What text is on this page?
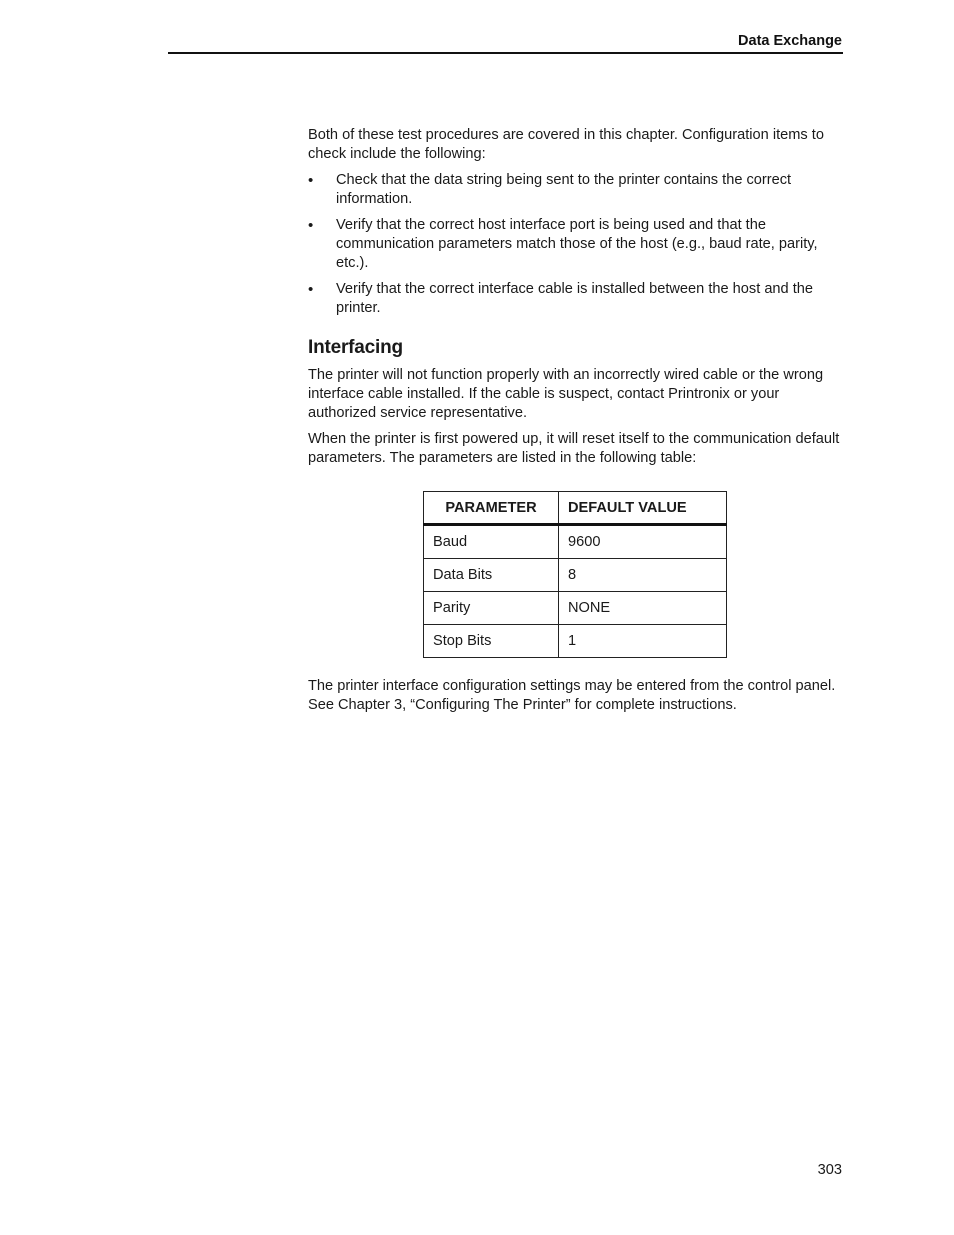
Data Exchange

Both of these test procedures are covered in this chapter. Configuration items to check include the following:

• Check that the data string being sent to the printer contains the correct information.
• Verify that the correct host interface port is being used and that the communication parameters match those of the host (e.g., baud rate, parity, etc.).
• Verify that the correct interface cable is installed between the host and the printer.
Interfacing

The printer will not function properly with an incorrectly wired cable or the wrong interface cable installed. If the cable is suspect, contact Printronix or your authorized service representative.

When the printer is first powered up, it will reset itself to the communication default parameters. The parameters are listed in the following table:

PARAMETER	DEFAULT VALUE
Baud	9600
Data Bits	8
Parity	NONE
Stop Bits	1

The printer interface configuration settings may be entered from the control panel. See Chapter 3, “Configuring The Printer” for complete instructions.

303
